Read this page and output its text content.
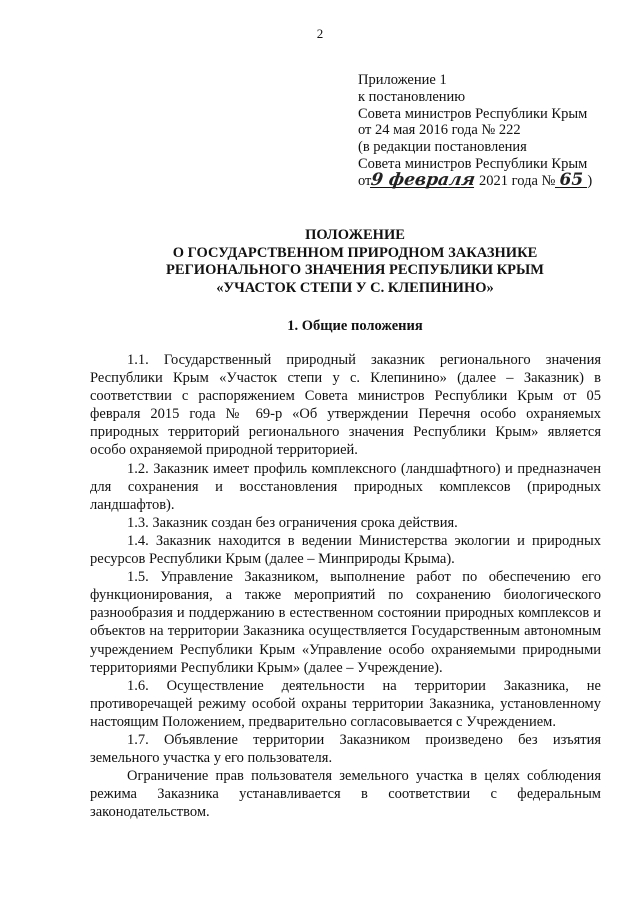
2
Приложение 1
к постановлению
Совета министров Республики Крым
от 24 мая 2016 года № 222
(в редакции постановления
Совета министров Республики Крым
от9 февраля 2021 года № 65 )
ПОЛОЖЕНИЕ
О ГОСУДАРСТВЕННОМ ПРИРОДНОМ ЗАКАЗНИКЕ
РЕГИОНАЛЬНОГО ЗНАЧЕНИЯ РЕСПУБЛИКИ КРЫМ
«УЧАСТОК СТЕПИ У С. КЛЕПИНИНО»
1. Общие положения

1.1. Государственный природный заказник регионального значения Республики Крым «Участок степи у с. Клепинино» (далее – Заказник) в соответствии с распоряжением Совета министров Республики Крым от 05 февраля 2015 года № 69-р «Об утверждении Перечня особо охраняемых природных территорий регионального значения Республики Крым» является особо охраняемой природной территорией.

1.2. Заказник имеет профиль комплексного (ландшафтного) и предназначен для сохранения и восстановления природных комплексов (природных ландшафтов).

1.3. Заказник создан без ограничения срока действия.

1.4. Заказник находится в ведении Министерства экологии и природных ресурсов Республики Крым (далее – Минприроды Крыма).

1.5. Управление Заказником, выполнение работ по обеспечению его функционирования, а также мероприятий по сохранению биологического разнообразия и поддержанию в естественном состоянии природных комплексов и объектов на территории Заказника осуществляется Государственным автономным учреждением Республики Крым «Управление особо охраняемыми природными территориями Республики Крым» (далее – Учреждение).

1.6. Осуществление деятельности на территории Заказника, не противоречащей режиму особой охраны территории Заказника, установленному настоящим Положением, предварительно согласовывается с Учреждением.

1.7. Объявление территории Заказником произведено без изъятия земельного участка у его пользователя.

Ограничение прав пользователя земельного участка в целях соблюдения режима Заказника устанавливается в соответствии с федеральным законодательством.
